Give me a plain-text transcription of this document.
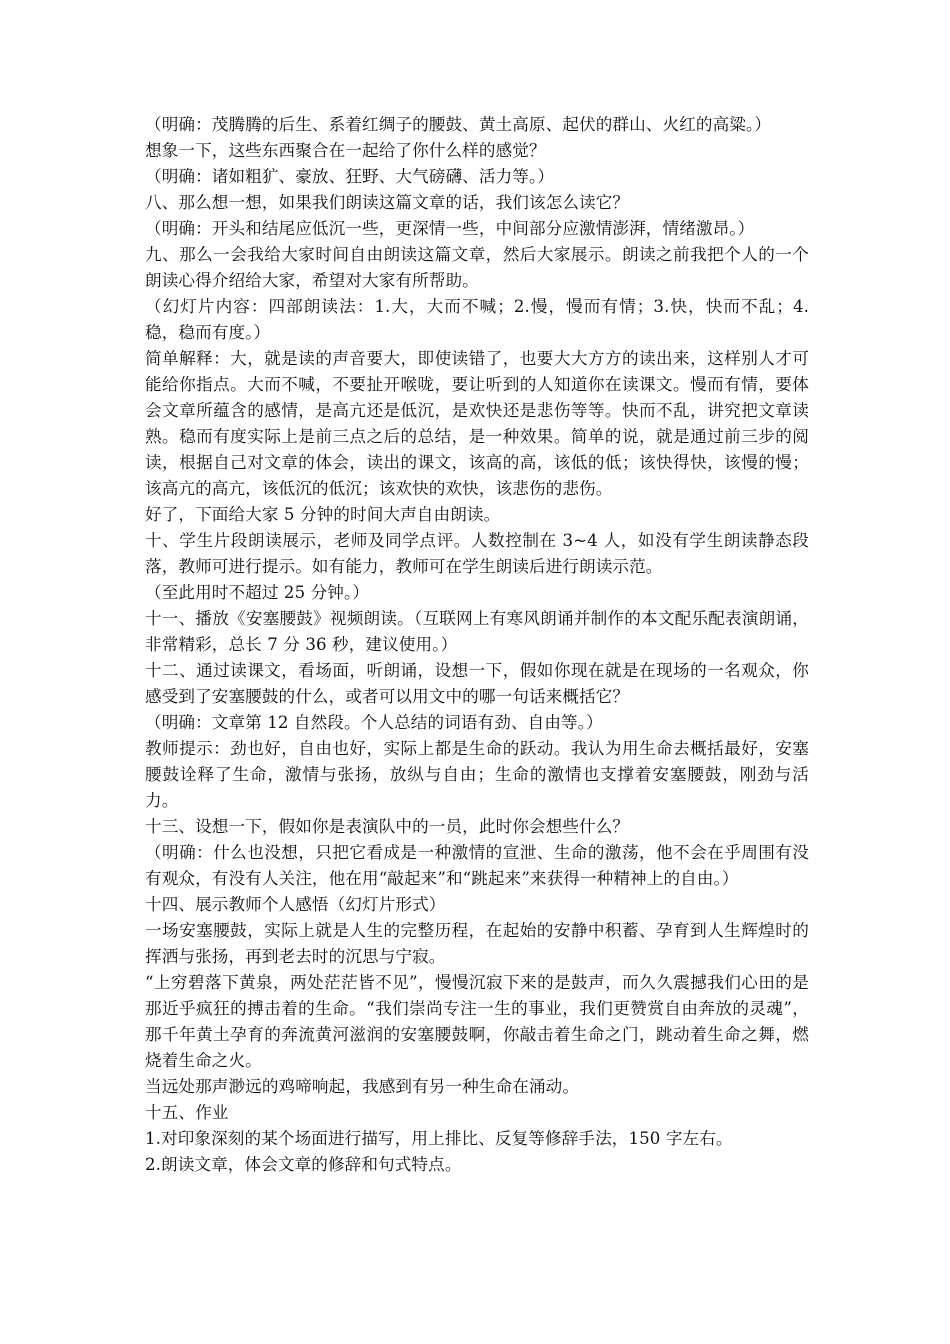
（明确：茂腾腾的后生、系着红绸子的腰鼓、黄土高原、起伏的群山、火红的高粱。）

想象一下，这些东西聚合在一起给了你什么样的感觉？

（明确：诸如粗犷、豪放、狂野、大气磅礴、活力等。）

八、那么想一想，如果我们朗读这篇文章的话，我们该怎么读它？

（明确：开头和结尾应低沉一些，更深情一些，中间部分应激情澎湃，情绪激昂。）

九、那么一会我给大家时间自由朗读这篇文章，然后大家展示。朗读之前我把个人的一个朗读心得介绍给大家，希望对大家有所帮助。

（幻灯片内容：四部朗读法：1.大，大而不喊；2.慢，慢而有情；3.快，快而不乱；4.稳，稳而有度。）

简单解释：大，就是读的声音要大，即使读错了，也要大大方方的读出来，这样别人才可能给你指点。大而不喊，不要扯开喉咙，要让听到的人知道你在读课文。慢而有情，要体会文章所蕴含的感情，是高亢还是低沉，是欢快还是悲伤等等。快而不乱，讲究把文章读熟。稳而有度实际上是前三点之后的总结，是一种效果。简单的说，就是通过前三步的阅读，根据自己对文章的体会，读出的课文，该高的高，该低的低；该快得快，该慢的慢；该高亢的高亢，该低沉的低沉；该欢快的欢快，该悲伤的悲伤。

好了，下面给大家 5 分钟的时间大声自由朗读。

十、学生片段朗读展示，老师及同学点评。人数控制在 3~4 人，如没有学生朗读静态段落，教师可进行提示。如有能力，教师可在学生朗读后进行朗读示范。

（至此用时不超过 25 分钟。）

十一、播放《安塞腰鼓》视频朗读。（互联网上有寒风朗诵并制作的本文配乐配表演朗诵，非常精彩，总长 7 分 36 秒，建议使用。）

十二、通过读课文，看场面，听朗诵，设想一下，假如你现在就是在现场的一名观众，你感受到了安塞腰鼓的什么，或者可以用文中的哪一句话来概括它？

（明确：文章第 12 自然段。个人总结的词语有劲、自由等。）

教师提示：劲也好，自由也好，实际上都是生命的跃动。我认为用生命去概括最好，安塞腰鼓诠释了生命，激情与张扬，放纵与自由；生命的激情也支撑着安塞腰鼓，刚劲与活力。

十三、设想一下，假如你是表演队中的一员，此时你会想些什么？

（明确：什么也没想，只把它看成是一种激情的宣泄、生命的激荡，他不会在乎周围有没有观众，有没有人关注，他在用“敲起来”和“跳起来”来获得一种精神上的自由。）

十四、展示教师个人感悟（幻灯片形式）

一场安塞腰鼓，实际上就是人生的完整历程，在起始的安静中积蓄、孕育到人生辉煌时的挥洒与张扬，再到老去时的沉思与宁寂。

“上穷碧落下黄泉，两处茫茫皆不见”，慢慢沉寂下来的是鼓声，而久久震撼我们心田的是那近乎疯狂的搏击着的生命。“我们崇尚专注一生的事业，我们更赞赏自由奔放的灵魂”，那千年黄土孕育的奔流黄河滋润的安塞腰鼓啊，你敲击着生命之门，跳动着生命之舞，燃烧着生命之火。

当远处那声渺远的鸡啼响起，我感到有另一种生命在涌动。

十五、作业

1.对印象深刻的某个场面进行描写，用上排比、反复等修辞手法，150 字左右。

2.朗读文章，体会文章的修辞和句式特点。
